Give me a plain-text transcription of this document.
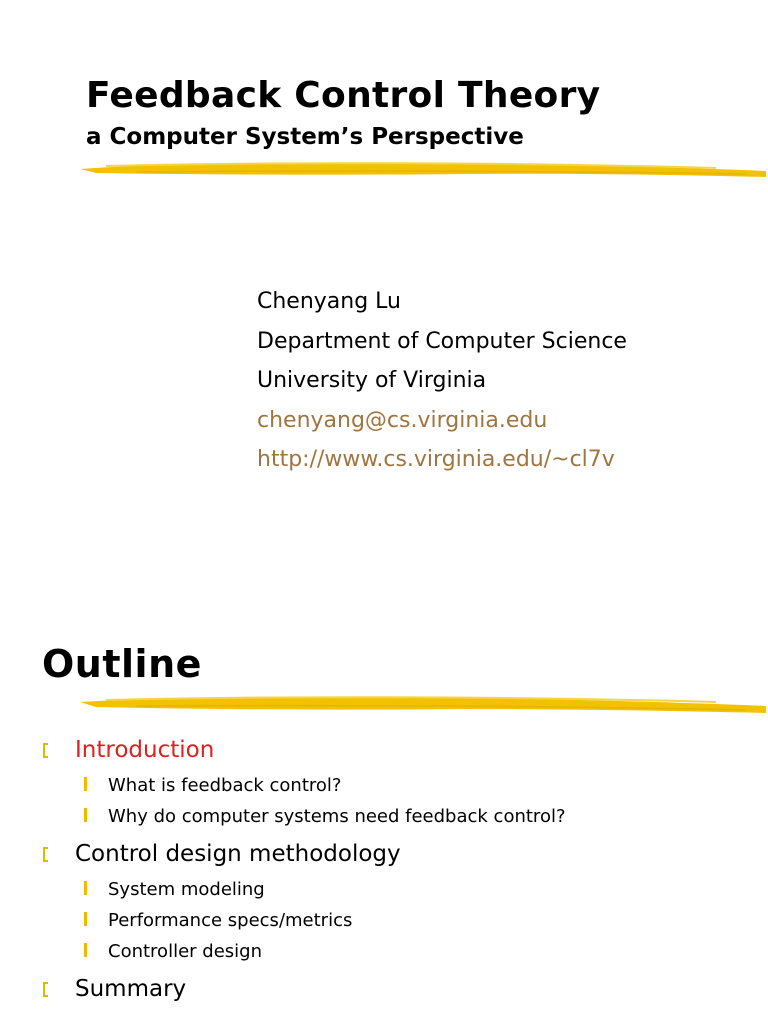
Feedback Control Theory
a Computer System’s Perspective
Chenyang Lu
Department of Computer Science
University of Virginia
chenyang@cs.virginia.edu
http://www.cs.virginia.edu/~cl7v
Outline
Introduction
What is feedback control?
Why do computer systems need feedback control?
Control design methodology
System modeling
Performance specs/metrics
Controller design
Summary
